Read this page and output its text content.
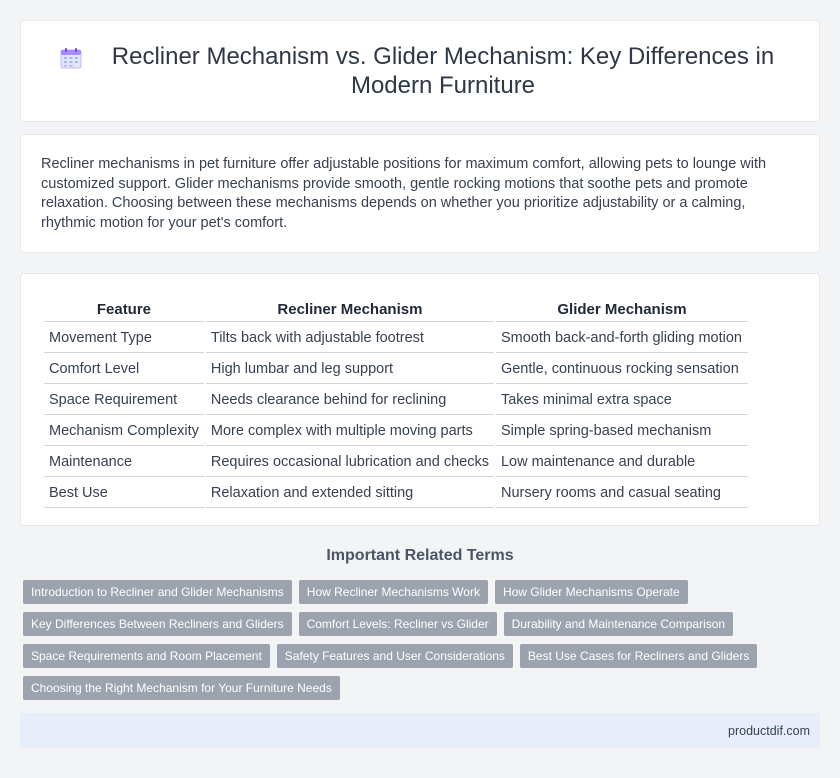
Recliner Mechanism vs. Glider Mechanism: Key Differences in Modern Furniture

Recliner mechanisms in pet furniture offer adjustable positions for maximum comfort, allowing pets to lounge with customized support. Glider mechanisms provide smooth, gentle rocking motions that soothe pets and promote relaxation. Choosing between these mechanisms depends on whether you prioritize adjustability or a calming, rhythmic motion for your pet's comfort.

Feature	Recliner Mechanism	Glider Mechanism
Movement Type	Tilts back with adjustable footrest	Smooth back-and-forth gliding motion
Comfort Level	High lumbar and leg support	Gentle, continuous rocking sensation
Space Requirement	Needs clearance behind for reclining	Takes minimal extra space
Mechanism Complexity	More complex with multiple moving parts	Simple spring-based mechanism
Maintenance	Requires occasional lubrication and checks	Low maintenance and durable
Best Use	Relaxation and extended sitting	Nursery rooms and casual seating
Important Related Terms
Introduction to Recliner and Glider Mechanisms	How Recliner Mechanisms Work	How Glider Mechanisms Operate
Key Differences Between Recliners and Gliders	Comfort Levels: Recliner vs Glider	Durability and Maintenance Comparison
Space Requirements and Room Placement	Safety Features and User Considerations	Best Use Cases for Recliners and Gliders
Choosing the Right Mechanism for Your Furniture Needs
productdif.com
